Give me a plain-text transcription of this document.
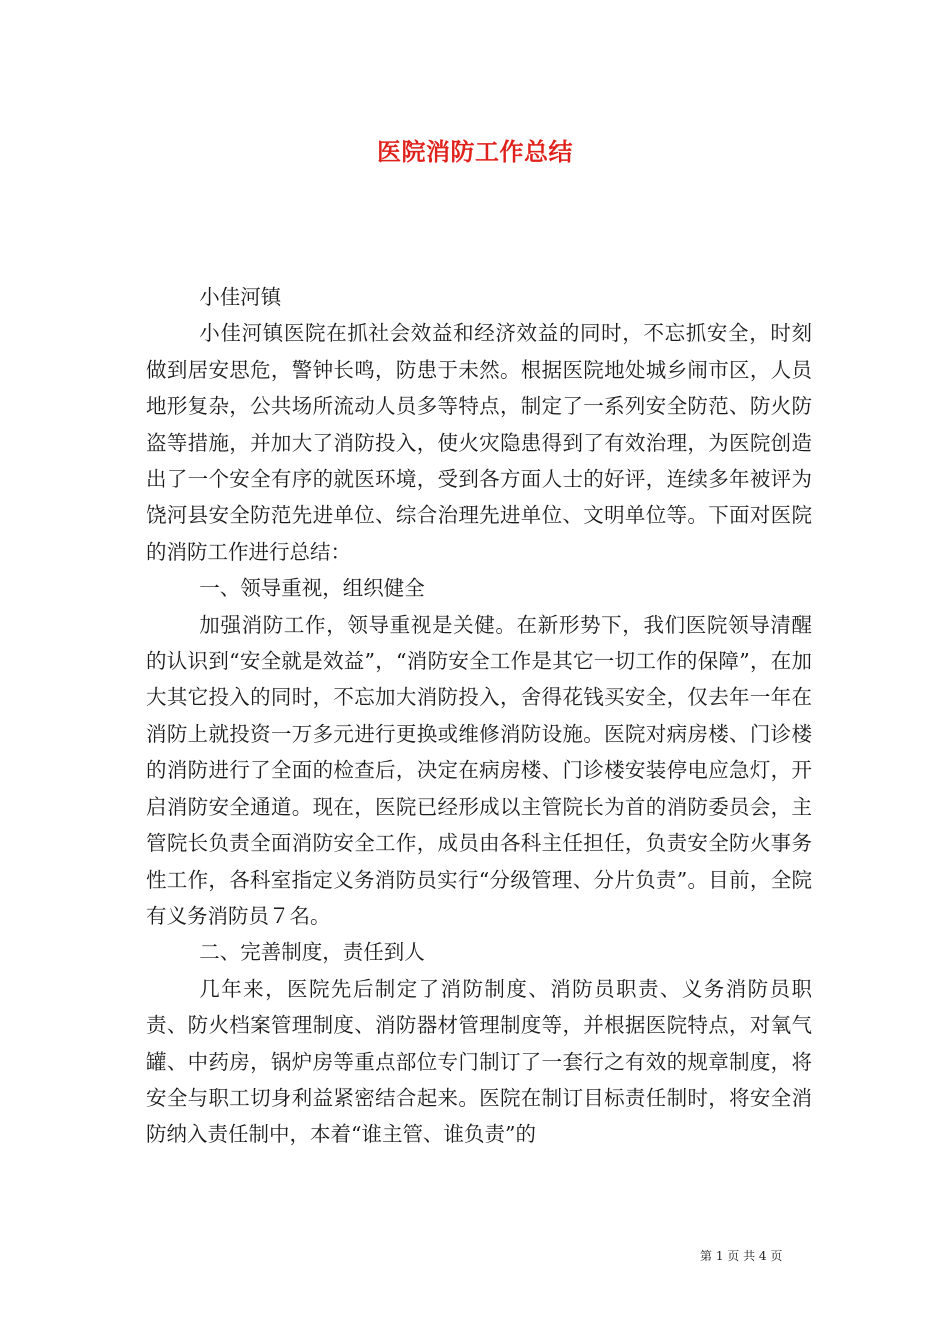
医院消防工作总结

小佳河镇

小佳河镇医院在抓社会效益和经济效益的同时，不忘抓安全，时刻做到居安思危，警钟长鸣，防患于未然。根据医院地处城乡闹市区，人员地形复杂，公共场所流动人员多等特点，制定了一系列安全防范、防火防盗等措施，并加大了消防投入，使火灾隐患得到了有效治理，为医院创造出了一个安全有序的就医环境，受到各方面人士的好评，连续多年被评为饶河县安全防范先进单位、综合治理先进单位、文明单位等。下面对医院的消防工作进行总结：

一、领导重视，组织健全

加强消防工作，领导重视是关健。在新形势下，我们医院领导清醒的认识到“安全就是效益”，“消防安全工作是其它一切工作的保障”，在加大其它投入的同时，不忘加大消防投入，舍得花钱买安全，仅去年一年在消防上就投资一万多元进行更换或维修消防设施。医院对病房楼、门诊楼的消防进行了全面的检查后，决定在病房楼、门诊楼安装停电应急灯，开启消防安全通道。现在，医院已经形成以主管院长为首的消防委员会，主管院长负责全面消防安全工作，成员由各科主任担任，负责安全防火事务性工作，各科室指定义务消防员实行“分级管理、分片负责”。目前，全院有义务消防员７名。

二、完善制度，责任到人

几年来，医院先后制定了消防制度、消防员职责、义务消防员职责、防火档案管理制度、消防器材管理制度等，并根据医院特点，对氧气罐、中药房，锅炉房等重点部位专门制订了一套行之有效的规章制度，将安全与职工切身利益紧密结合起来。医院在制订目标责任制时，将安全消防纳入责任制中，本着“谁主管、谁负责”的

第 1 页 共 4 页
